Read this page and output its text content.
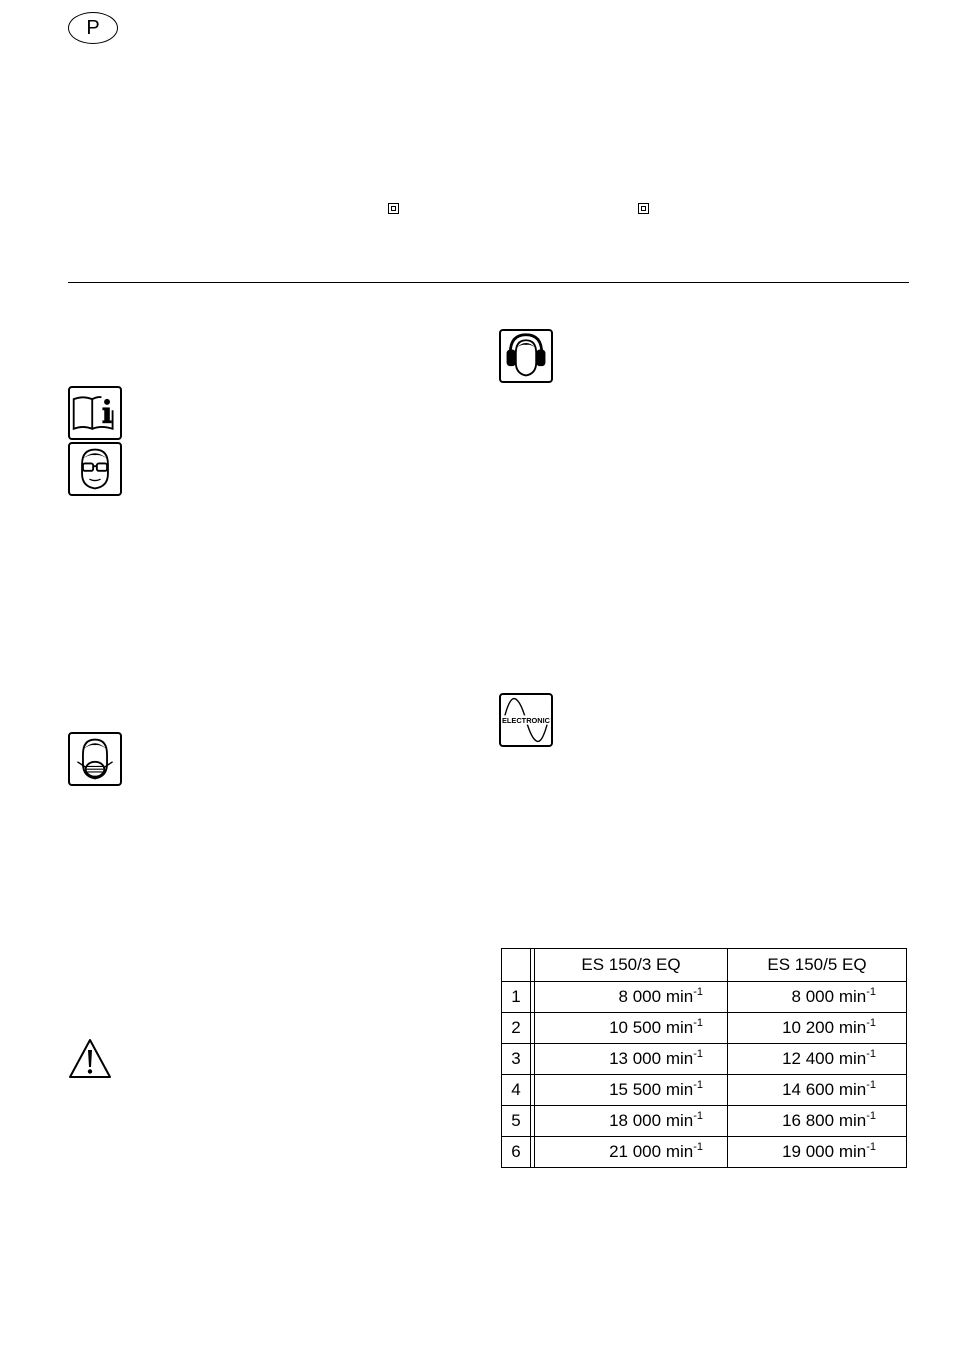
P
ELECTRONIC
		ES 150/3 EQ	ES 150/5 EQ
1		8 000 $\min^{-1}$	8 000 $\min^{-1}$
2		10 500 $\min^{-1}$	10 200 $\min^{-1}$
3		13 000 $\min^{-1}$	12 400 $\min^{-1}$
4		15 500 $\min^{-1}$	14 600 $\min^{-1}$
5		18 000 $\min^{-1}$	16 800 $\min^{-1}$
6		21 000 $\min^{-1}$	19 000 $\min^{-1}$
